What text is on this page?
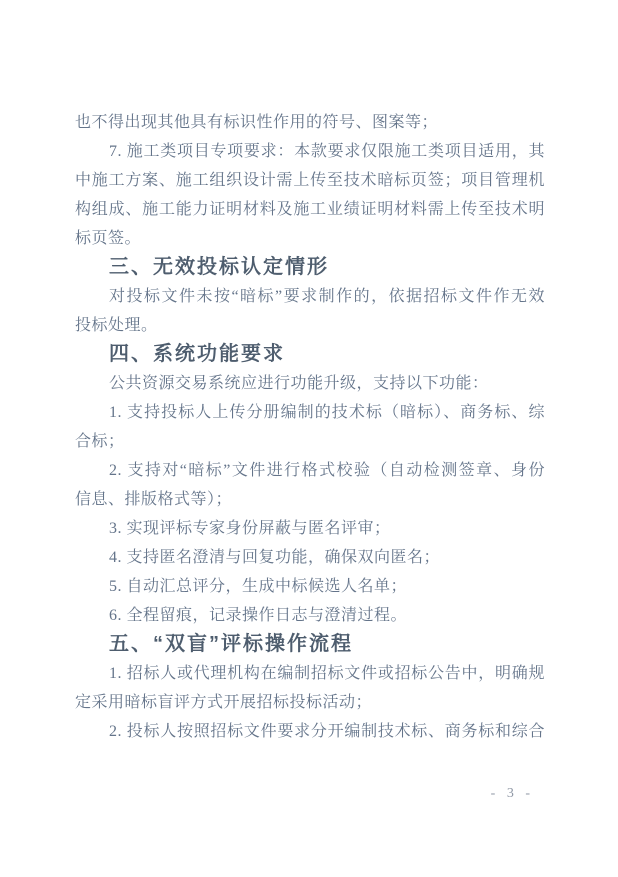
也不得出现其他具有标识性作用的符号、图案等；
7. 施工类项目专项要求：本款要求仅限施工类项目适用，其
中施工方案、施工组织设计需上传至技术暗标页签；项目管理机
构组成、施工能力证明材料及施工业绩证明材料需上传至技术明
标页签。
三、无效投标认定情形
对投标文件未按“暗标”要求制作的，依据招标文件作无效
投标处理。
四、系统功能要求
公共资源交易系统应进行功能升级，支持以下功能：
1. 支持投标人上传分册编制的技术标（暗标）、商务标、综
合标；
2. 支持对“暗标”文件进行格式校验（自动检测签章、身份
信息、排版格式等）；
3. 实现评标专家身份屏蔽与匿名评审；
4. 支持匿名澄清与回复功能，确保双向匿名；
5. 自动汇总评分，生成中标候选人名单；
6. 全程留痕，记录操作日志与澄清过程。
五、“双盲”评标操作流程
1. 招标人或代理机构在编制招标文件或招标公告中，明确规
定采用暗标盲评方式开展招标投标活动；
2. 投标人按照招标文件要求分开编制技术标、商务标和综合
- 3 -
